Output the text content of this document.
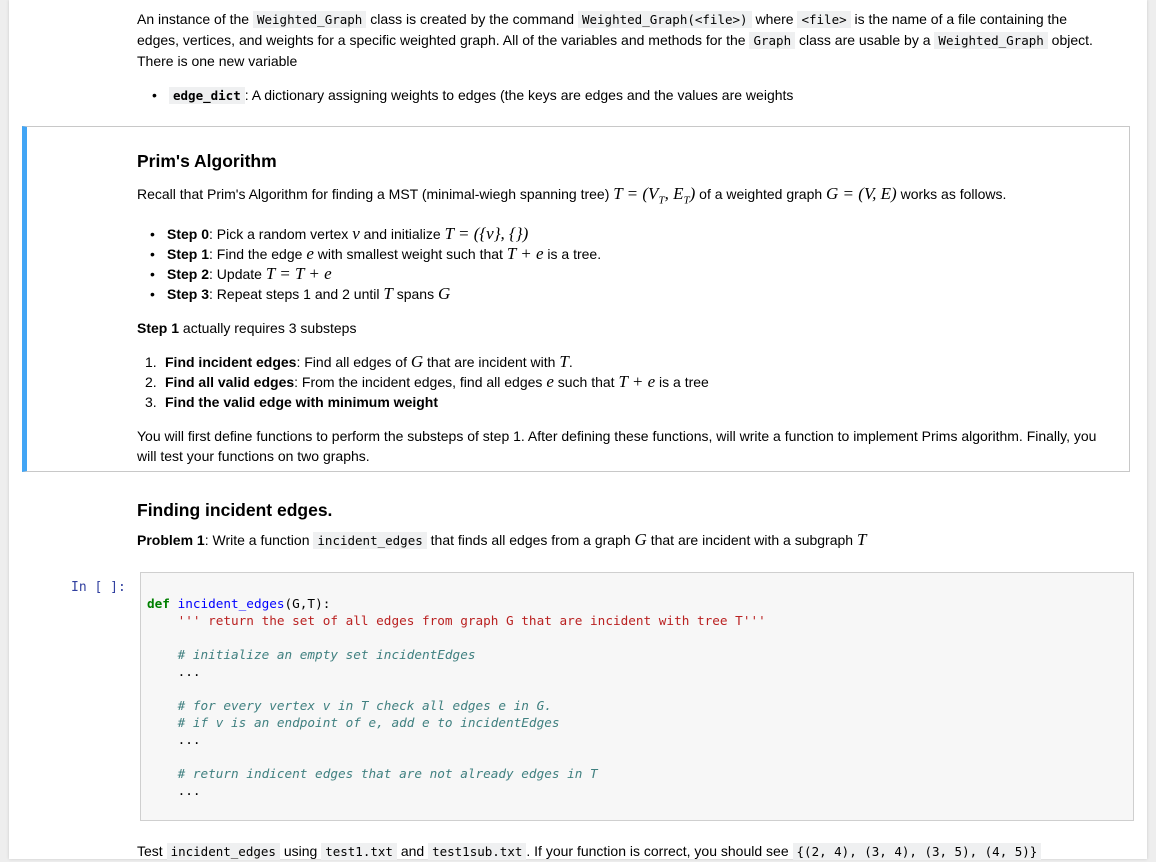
An instance of the Weighted_Graph class is created by the command Weighted_Graph(<file>) where <file> is the name of a file containing the
edges, vertices, and weights for a specific weighted graph. All of the variables and methods for the Graph class are usable by a Weighted_Graph object.
There is one new variable
• edge_dict : A dictionary assigning weights to edges (the keys are edges and the values are weights
Prim's Algorithm
Recall that Prim's Algorithm for finding a MST (minimal-wiegh spanning tree) $T = (V_T$, $E_T$) of a weighted graph G = (V, E) works as follows.
• Step 0: Pick a random vertex v and initialize T = ({v}, {})
• Step 1: Find the edge e with smallest weight such that T + e is a tree.
• Step 2: Update T = T + e
• Step 3: Repeat steps 1 and 2 until T spans G
Step 1 actually requires 3 substeps
1. Find incident edges: Find all edges of G that are incident with T.
2. Find all valid edges: From the incident edges, find all edges e such that T + e is a tree
3. Find the valid edge with minimum weight
You will first define functions to perform the substeps of step 1. After defining these functions, will write a function to implement Prims algorithm. Finally, you
will test your functions on two graphs.
Finding incident edges.
Problem 1: Write a function incident_edges that finds all edges from a graph G that are incident with a subgraph T
In [ ]:
def incident_edges(G,T):
''' return the set of all edges from graph G that are incident with tree T'''

# initialize an empty set incidentEdges
...

# for every vertex v in T check all edges e in G.
# if v is an endpoint of e, add e to incidentEdges
...

# return indicent edges that are not already edges in T
...
Test incident_edges using test1.txt and test1sub.txt . If your function is correct, you should see {(2, 4), (3, 4), (3, 5), (4, 5)}
